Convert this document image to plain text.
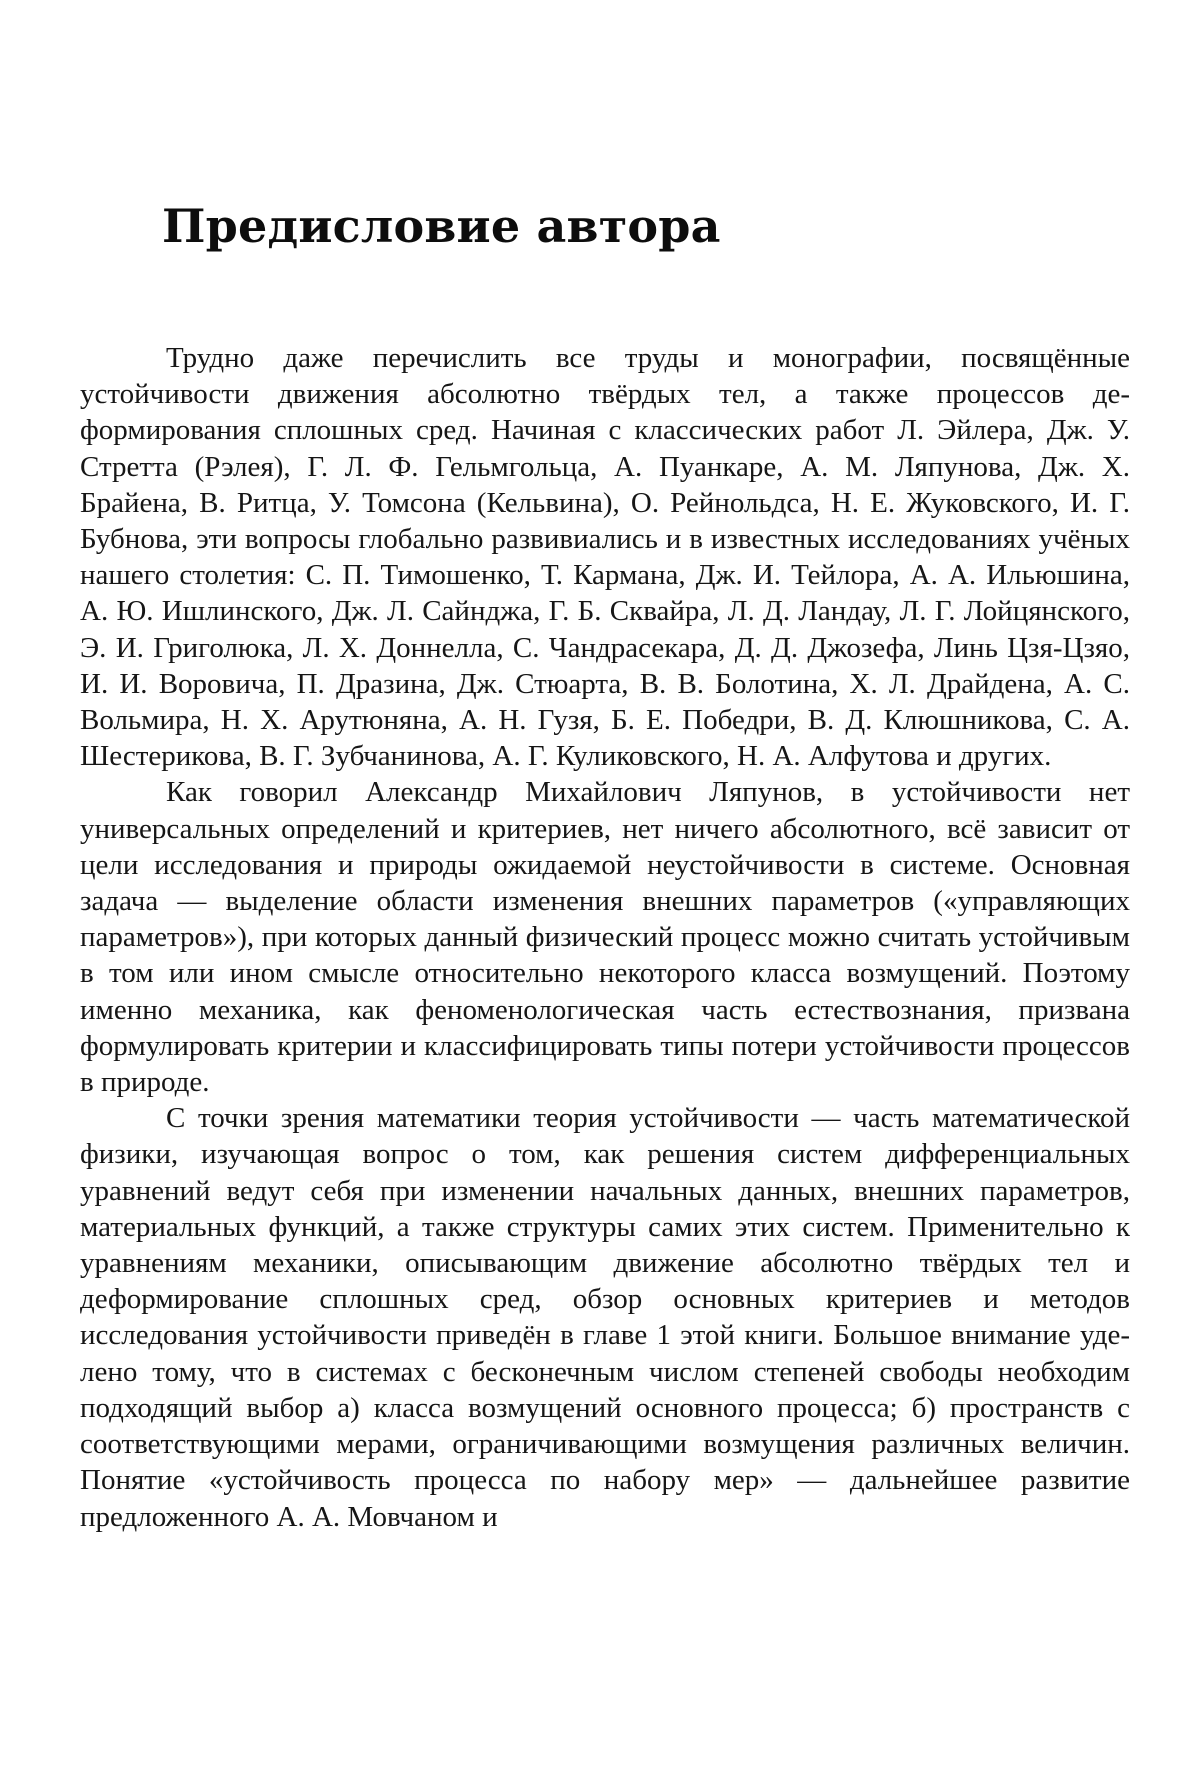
Предисловие автора

Трудно даже перечислить все труды и монографии, посвящённые устойчивости движения абсолютно твёрдых тел, а также процессов деформирования сплошных сред. Начиная с классических работ Л. Эйлера, Дж. У. Стретта (Рэлея), Г. Л. Ф. Гельмгольца, А. Пуанкаре, А. М. Ляпунова, Дж. Х. Брайена, В. Ритца, У. Томсона (Кельвина), О. Рейнольдса, Н. Е. Жуковского, И. Г. Бубнова, эти вопросы глобально развивиались и в известных исследованиях учёных нашего столетия: С. П. Тимошенко, Т. Кармана, Дж. И. Тейлора, А. А. Ильюшина, А. Ю. Ишлинского, Дж. Л. Сайнджа, Г. Б. Сквайра, Л. Д. Ландау, Л. Г. Лойцянского, Э. И. Григолюка, Л. Х. Доннелла, С. Чандрасекара, Д. Д. Джозефа, Линь Цзя-Цзяо, И. И. Воровича, П. Дразина, Дж. Стюарта, В. В. Болотина, Х. Л. Драйдена, А. С. Вольмира, Н. Х. Арутюняна, А. Н. Гузя, Б. Е. Победри, В. Д. Клюшникова, С. А. Шестерикова, В. Г. Зубчанинова, А. Г. Куликовского, Н. А. Алфутова и других.

Как говорил Александр Михайлович Ляпунов, в устойчивости нет универсальных определений и критериев, нет ничего абсолютного, всё зависит от цели исследования и природы ожидаемой неустойчивости в системе. Основная задача — выделение области изменения внешних параметров («управляющих параметров»), при которых данный физический процесс можно считать устойчивым в том или ином смысле относительно некоторого класса возмущений. Поэтому именно механика, как феноменологическая часть естествознания, призвана формулировать критерии и классифицировать типы потери устойчивости процессов в природе.

С точки зрения математики теория устойчивости — часть математической физики, изучающая вопрос о том, как решения систем дифференциальных уравнений ведут себя при изменении начальных данных, внешних параметров, материальных функций, а также структуры самих этих систем. Применительно к уравнениям механики, описывающим движение абсолютно твёрдых тел и деформирование сплошных сред, обзор основных критериев и методов исследования устойчивости приведён в главе 1 этой книги. Большое внимание уделено тому, что в системах с бесконечным числом степеней свободы необходим подходящий выбор а) класса возмущений основного процесса; б) пространств с соответствующими мерами, ограничивающими возмущения различных величин. Понятие «устойчивость процесса по набору мер» — дальнейшее развитие предложенного А. А. Мовчаном и
